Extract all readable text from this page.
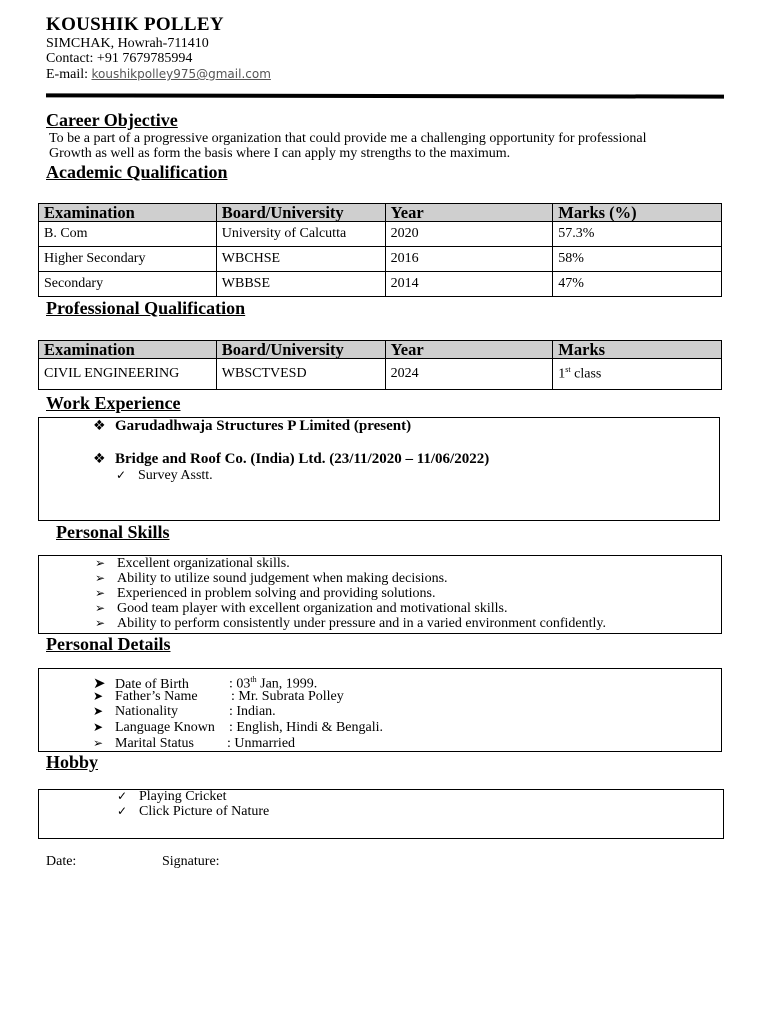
KOUSHIK POLLEY
SIMCHAK, Howrah-711410
Contact: +91 7679785994
E-mail: koushikpolley975@gmail.com
Career Objective
To be a part of a progressive organization that could provide me a challenging opportunity for professional
Growth as well as form the basis where I can apply my strengths to the maximum.
Academic Qualification
Examination	Board/University	Year	Marks (%)
B. Com	University of Calcutta	2020	57.3%
Higher Secondary	WBCHSE	2016	58%
Secondary	WBBSE	2014	47%
Professional Qualification
Examination	Board/University	Year	Marks
CIVIL ENGINEERING	WBSCTVESD	2024	1st class
Work Experience
❖ Garudadhwaja Structures P Limited (present)
❖ Bridge and Roof Co. (India) Ltd. (23/11/2020 – 11/06/2022)
✓ Survey Asstt.
Personal Skills
➢ Excellent organizational skills.
➢ Ability to utilize sound judgement when making decisions.
➢ Experienced in problem solving and providing solutions.
➢ Good team player with excellent organization and motivational skills.
➢ Ability to perform consistently under pressure and in a varied environment confidently.
Personal Details
➤ Date of Birth	: 03th Jan, 1999.
➤ Father’s Name : Mr. Subrata Polley
➤ Nationality	: Indian.
➤ Language Known : English, Hindi & Bengali.
➢ Marital Status : Unmarried
Hobby
✓ Playing Cricket
✓ Click Picture of Nature
Date:	Signature:
